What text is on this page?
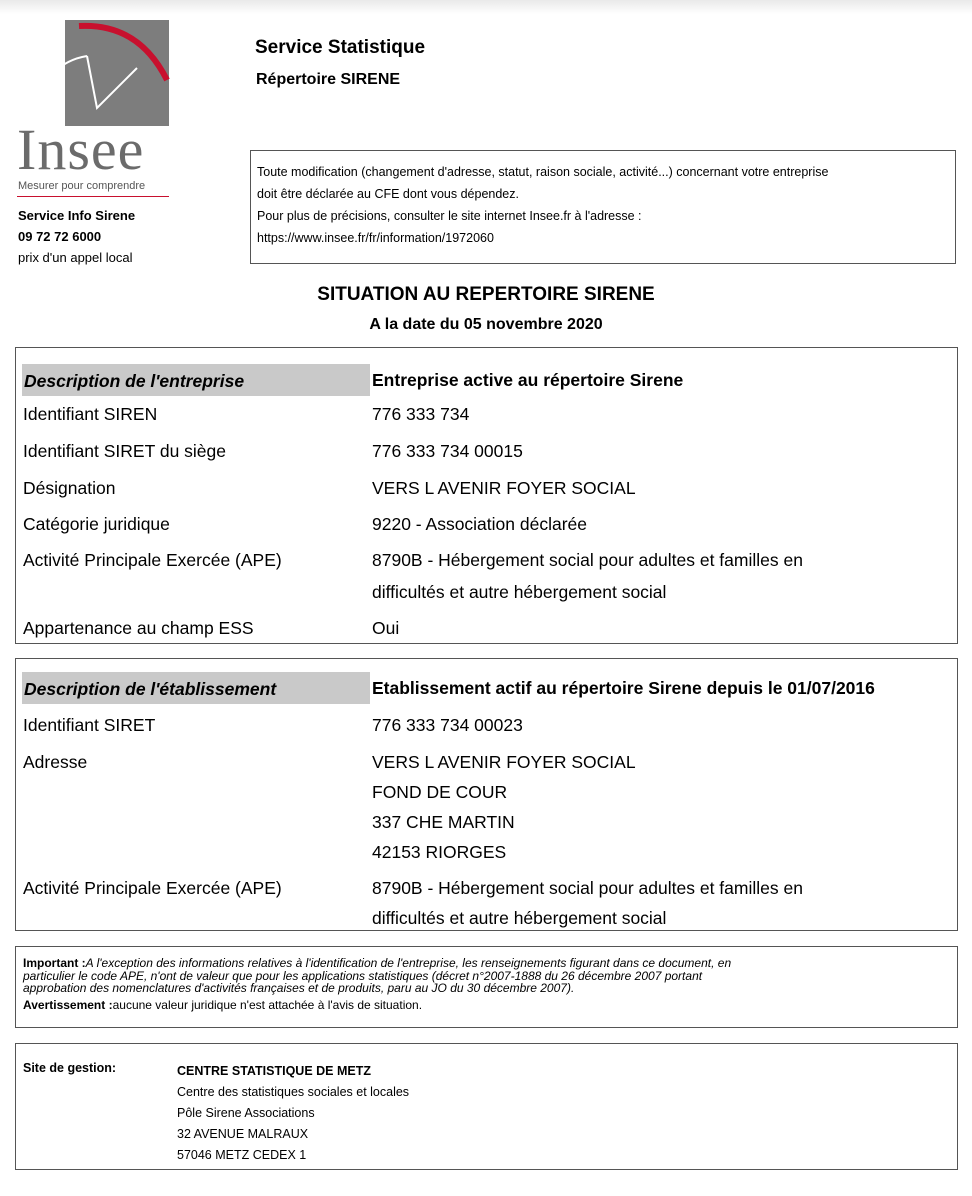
Insee
Mesurer pour comprendre
Service Info Sirene
09 72 72 6000
prix d'un appel local
Service Statistique
Répertoire SIRENE
Toute modification (changement d'adresse, statut, raison sociale, activité...) concernant votre entreprise
doit être déclarée au CFE dont vous dépendez.
Pour plus de précisions, consulter le site internet Insee.fr à l'adresse :
https://www.insee.fr/fr/information/1972060
SITUATION AU REPERTOIRE SIRENE
A la date du 05 novembre 2020
Description de l'entreprise	Entreprise active au répertoire Sirene
Identifiant SIREN	776 333 734
Identifiant SIRET du siège	776 333 734 00015
Désignation	VERS L AVENIR FOYER SOCIAL
Catégorie juridique	9220 - Association déclarée
Activité Principale Exercée (APE)	8790B - Hébergement social pour adultes et familles en
difficultés et autre hébergement social
Appartenance au champ ESS	Oui
Description de l'établissement	Etablissement actif au répertoire Sirene depuis le 01/07/2016
Identifiant SIRET	776 333 734 00023
Adresse	VERS L AVENIR FOYER SOCIAL
FOND DE COUR
337 CHE MARTIN
42153 RIORGES
Activité Principale Exercée (APE)	8790B - Hébergement social pour adultes et familles en
difficultés et autre hébergement social
Important :A l'exception des informations relatives à l'identification de l'entreprise, les renseignements figurant dans ce document, en
particulier le code APE, n'ont de valeur que pour les applications statistiques (décret n°2007-1888 du 26 décembre 2007 portant
approbation des nomenclatures d'activités françaises et de produits, paru au JO du 30 décembre 2007).
Avertissement :aucune valeur juridique n'est attachée à l'avis de situation.
Site de gestion:	CENTRE STATISTIQUE DE METZ
Centre des statistiques sociales et locales
Pôle Sirene Associations
32 AVENUE MALRAUX
57046 METZ CEDEX 1
